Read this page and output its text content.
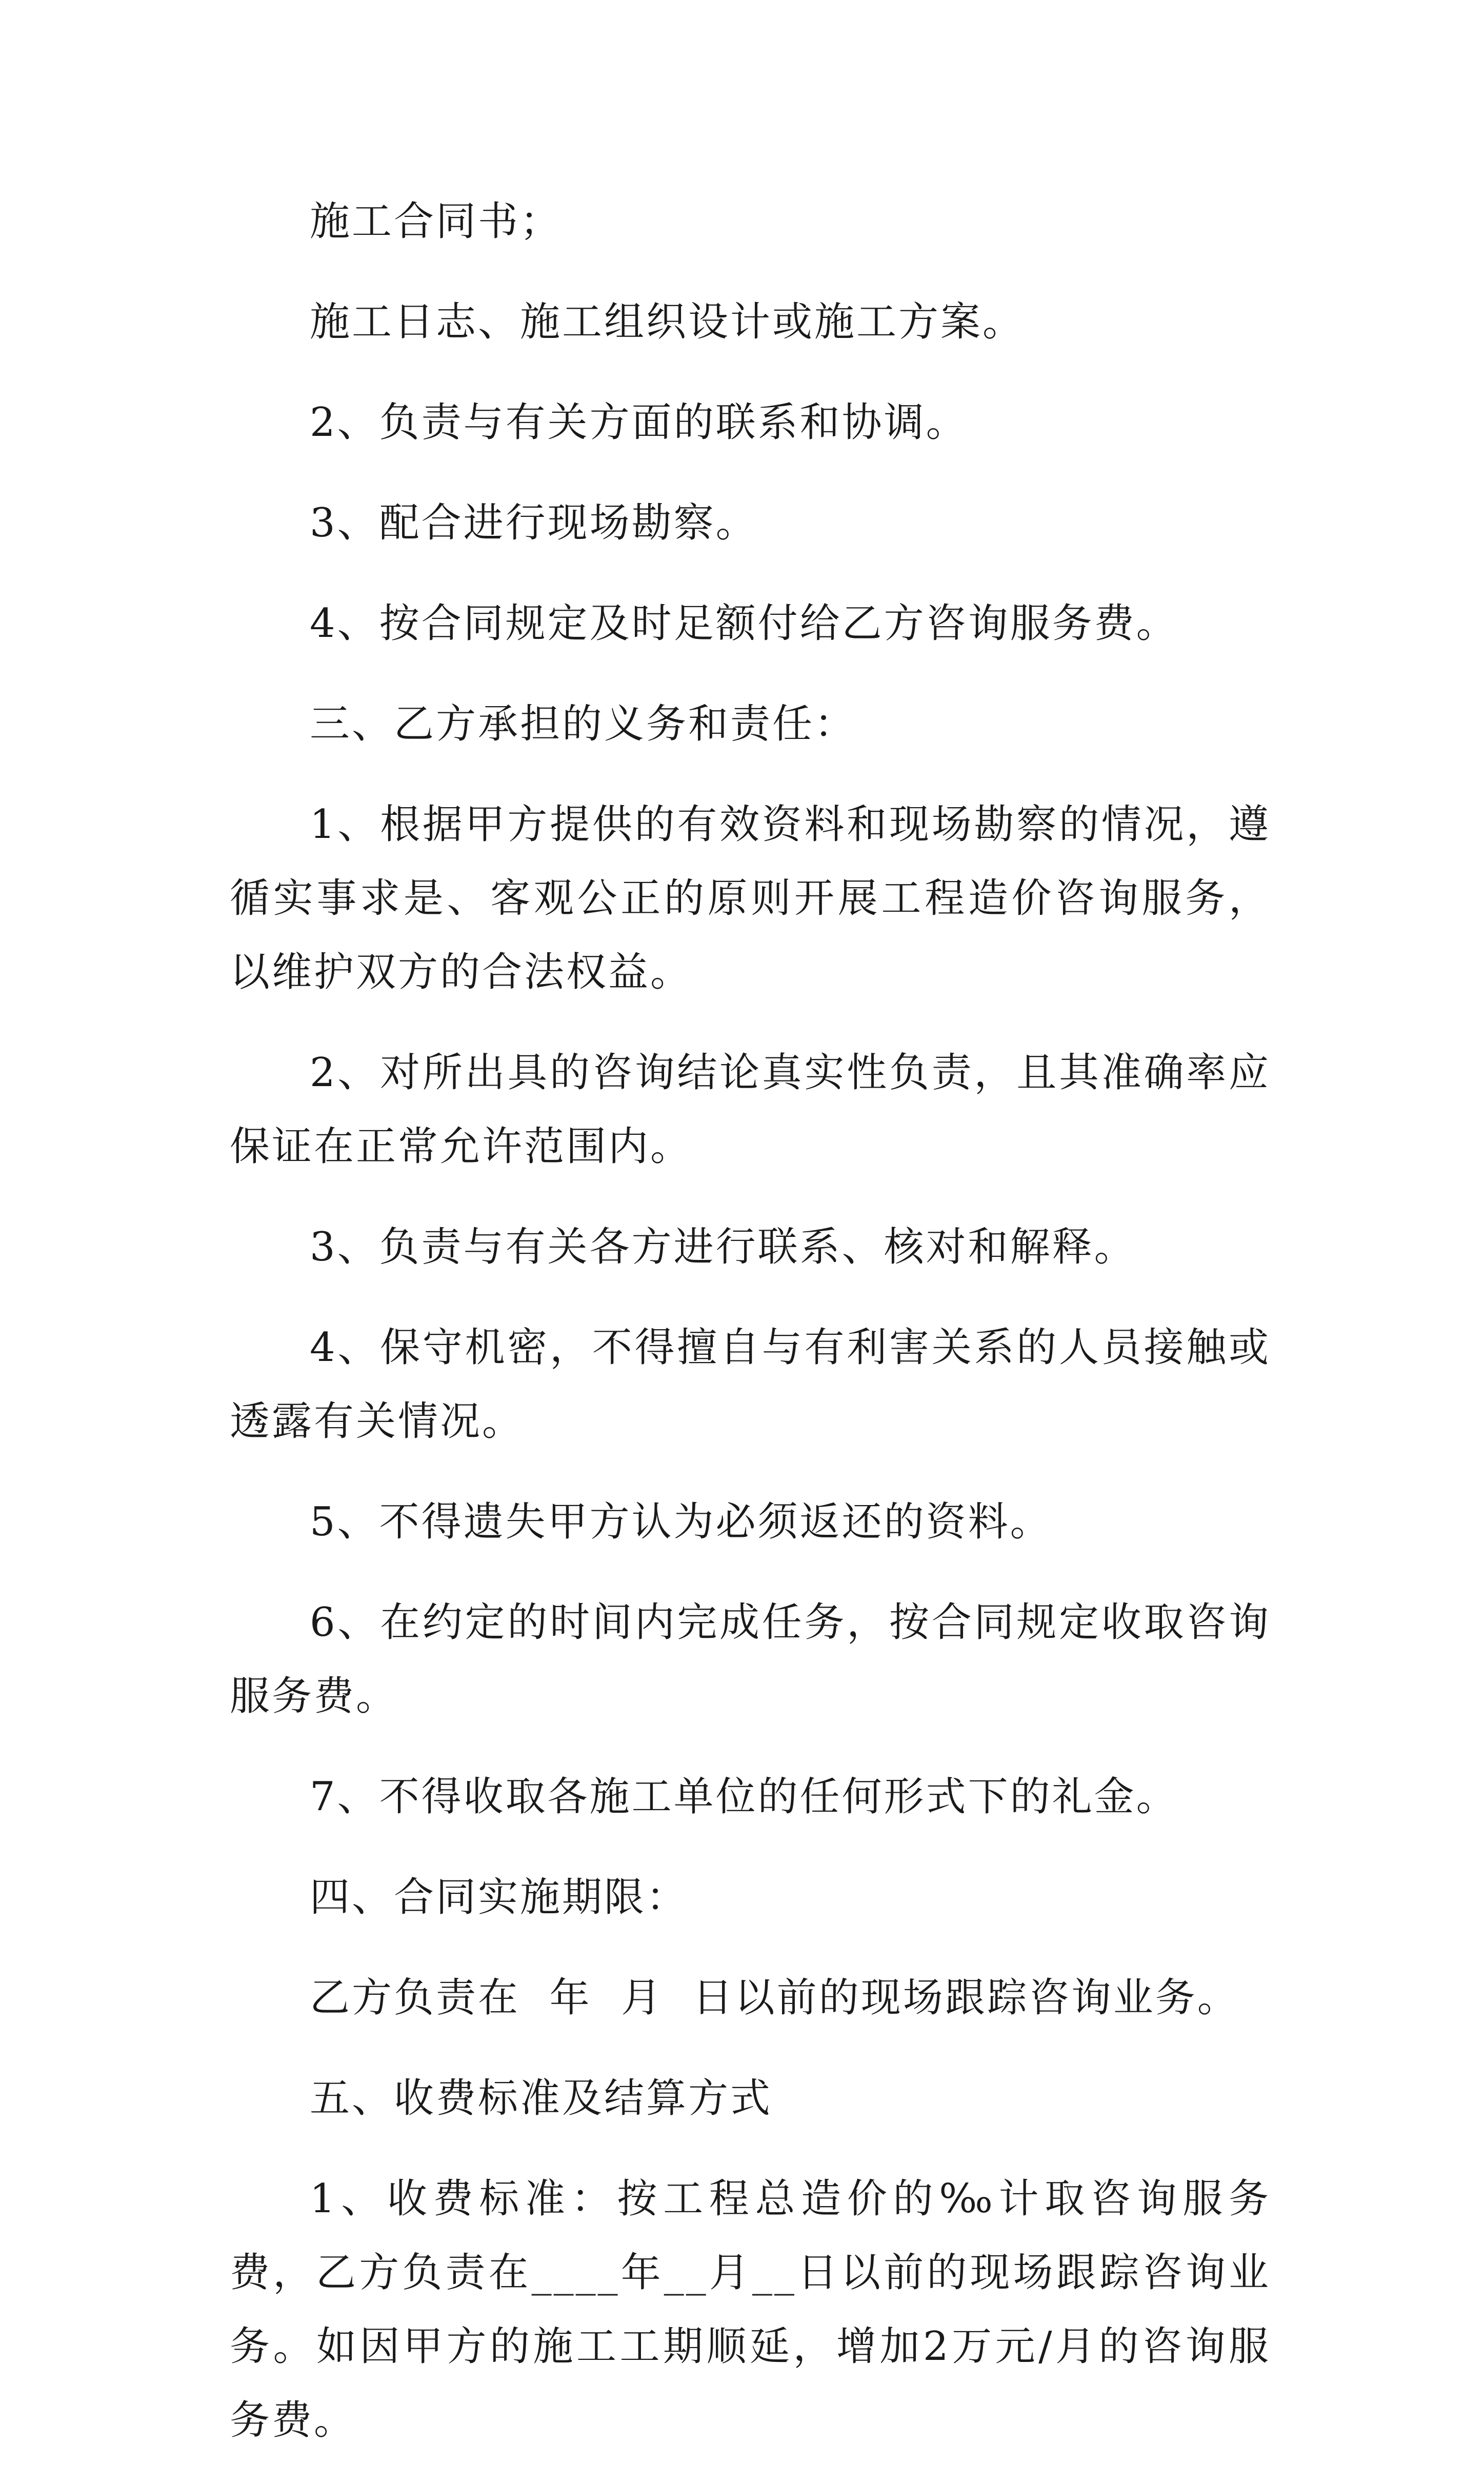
施工合同书；

施工日志、施工组织设计或施工方案。

2、负责与有关方面的联系和协调。

3、配合进行现场勘察。

4、按合同规定及时足额付给乙方咨询服务费。

三、乙方承担的义务和责任：

1、根据甲方提供的有效资料和现场勘察的情况，遵循实事求是、客观公正的原则开展工程造价咨询服务，以维护双方的合法权益。

2、对所出具的咨询结论真实性负责，且其准确率应保证在正常允许范围内。

3、负责与有关各方进行联系、核对和解释。

4、保守机密，不得擅自与有利害关系的人员接触或透露有关情况。

5、不得遗失甲方认为必须返还的资料。

6、在约定的时间内完成任务，按合同规定收取咨询服务费。

7、不得收取各施工单位的任何形式下的礼金。

四、合同实施期限：

乙方负责在  年  月  日以前的现场跟踪咨询业务。

五、收费标准及结算方式

1、收费标准：按工程总造价的‰计取咨询服务费，乙方负责在____年__月__日以前的现场跟踪咨询业务。如因甲方的施工工期顺延，增加2万元/月的咨询服务费。
